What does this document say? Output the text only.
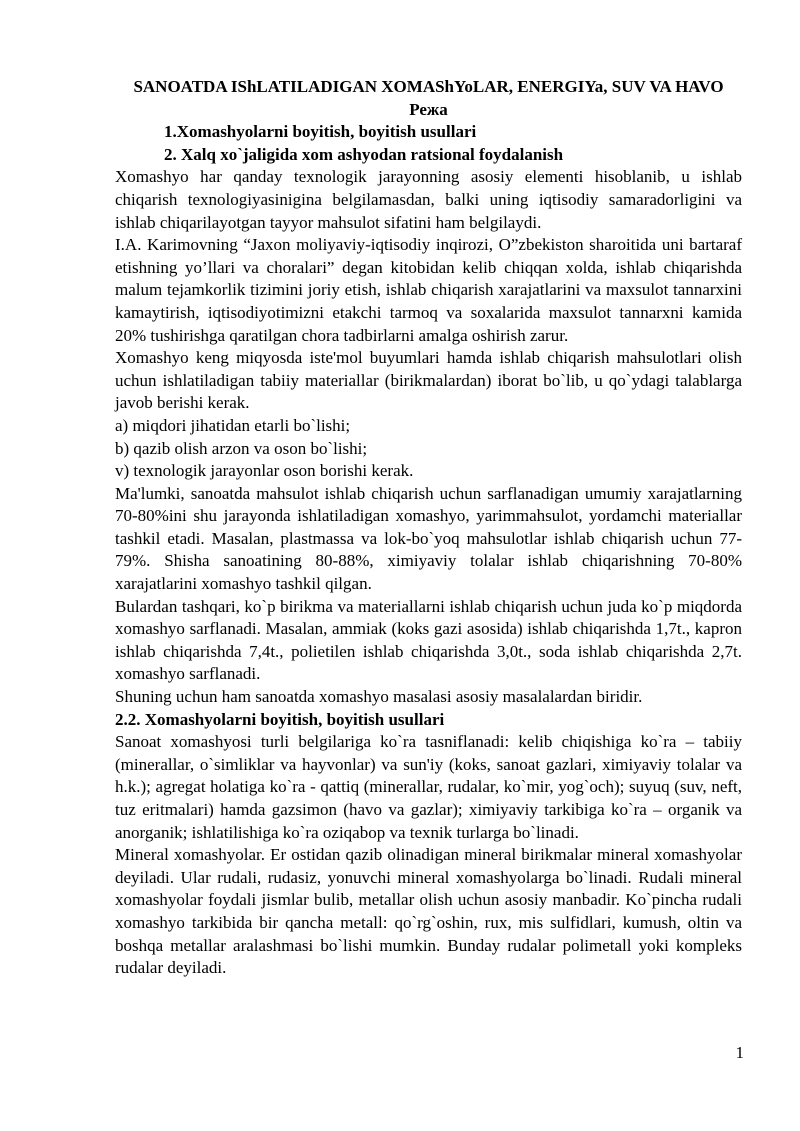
SANOATDA IShLATILADIGAN XOMAShYoLAR, ENERGIYa, SUV VA HAVO

Режа

1.Xomashyolarni boyitish, boyitish usullari

2. Xalq xo`jaligida xom ashyodan ratsional foydalanish

Xomashyo har qanday texnologik jarayonning asosiy elementi hisoblanib, u ishlab chiqarish texnologiyasinigina belgilamasdan, balki uning iqtisodiy samaradorligini va ishlab chiqarilayotgan tayyor mahsulot sifatini ham belgilaydi.

I.A. Karimovning “Jaxon moliyaviy-iqtisodiy inqirozi, O”zbekiston sharoitida uni bartaraf etishning yo’llari va choralari” degan kitobidan kelib chiqqan xolda, ishlab chiqarishda malum tejamkorlik tizimini joriy etish, ishlab chiqarish xarajatlarini va maxsulot tannarxini kamaytirish, iqtisodiyotimizni etakchi tarmoq va soxalarida maxsulot tannarxni kamida 20% tushirishga qaratilgan chora tadbirlarni amalga oshirish zarur.

Xomashyo keng miqyosda iste'mol buyumlari hamda ishlab chiqarish mahsulotlari olish uchun ishlatiladigan tabiiy materiallar (birikmalardan) iborat bo`lib, u qo`ydagi talablarga javob berishi kerak.

a) miqdori jihatidan etarli bo`lishi;
b) qazib olish arzon va oson bo`lishi;
v) texnologik jarayonlar oson borishi kerak.

Ma'lumki, sanoatda mahsulot ishlab chiqarish uchun sarflanadigan umumiy xarajatlarning 70-80%ini shu jarayonda ishlatiladigan xomashyo, yarimmahsulot, yordamchi materiallar tashkil etadi. Masalan, plastmassa va lok-bo`yoq mahsulotlar ishlab chiqarish uchun 77-79%. Shisha sanoatining 80-88%, ximiyaviy tolalar ishlab chiqarishning 70-80% xarajatlarini xomashyo tashkil qilgan.

Bulardan tashqari, ko`p birikma va materiallarni ishlab chiqarish uchun juda ko`p miqdorda xomashyo sarflanadi. Masalan, ammiak (koks gazi asosida) ishlab chiqarishda 1,7t., kapron ishlab chiqarishda 7,4t., polietilen ishlab chiqarishda 3,0t., soda ishlab chiqarishda 2,7t. xomashyo sarflanadi.

Shuning uchun ham sanoatda xomashyo masalasi asosiy masalalardan biridir.

2.2. Xomashyolarni boyitish, boyitish usullari

Sanoat xomashyosi turli belgilariga ko`ra tasniflanadi: kelib chiqishiga ko`ra – tabiiy (minerallar, o`simliklar va hayvonlar) va sun'iy (koks, sanoat gazlari, ximiyaviy tolalar va h.k.); agregat holatiga ko`ra - qattiq (minerallar, rudalar, ko`mir, yog`och); suyuq (suv, neft, tuz eritmalari) hamda gazsimon (havo va gazlar); ximiyaviy tarkibiga ko`ra – organik va anorganik; ishlatilishiga ko`ra oziqabop va texnik turlarga bo`linadi.

Mineral xomashyolar. Er ostidan qazib olinadigan mineral birikmalar mineral xomashyolar deyiladi. Ular rudali, rudasiz, yonuvchi mineral xomashyolarga bo`linadi. Rudali mineral xomashyolar foydali jismlar bulib, metallar olish uchun asosiy manbadir. Ko`pincha rudali xomashyo tarkibida bir qancha metall: qo`rg`oshin, rux, mis sulfidlari, kumush, oltin va boshqa metallar aralashmasi bo`lishi mumkin. Bunday rudalar polimetall yoki kompleks rudalar deyiladi.

1
